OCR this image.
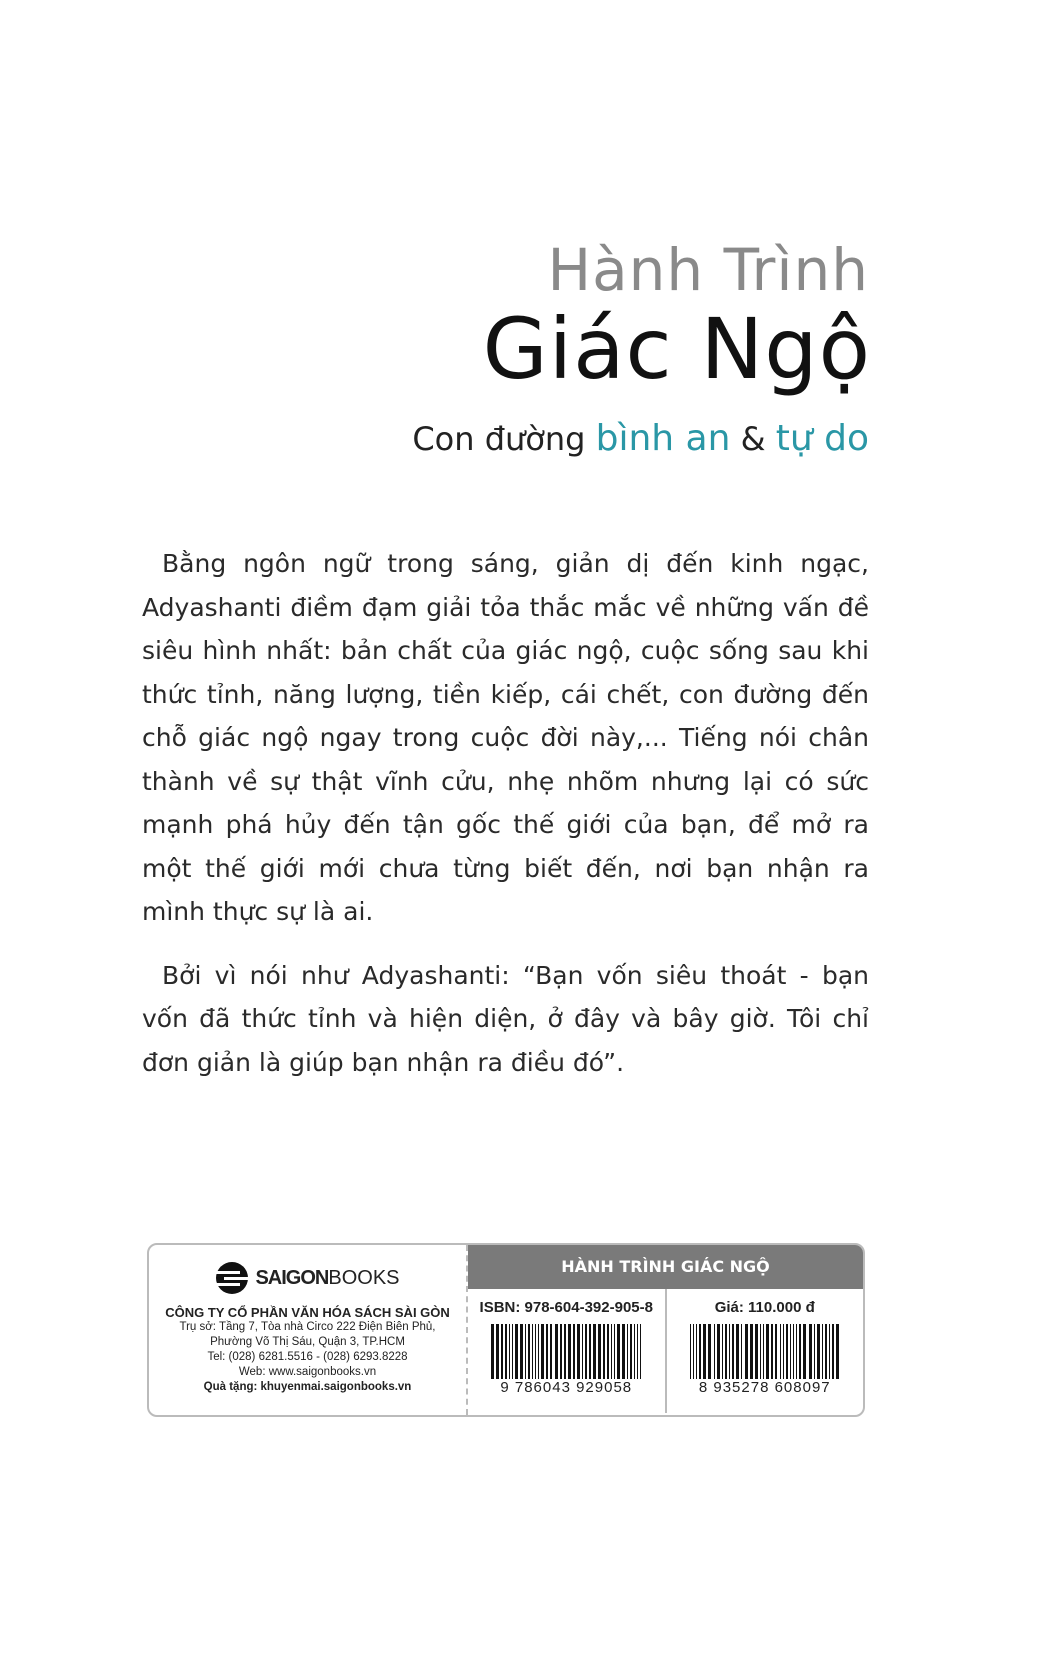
Hành Trình
Giác Ngộ
Con đường bình an & tự do

Bằng ngôn ngữ trong sáng, giản dị đến kinh ngạc, Adyashanti điềm đạm giải tỏa thắc mắc về những vấn đề siêu hình nhất: bản chất của giác ngộ, cuộc sống sau khi thức tỉnh, năng lượng, tiền kiếp, cái chết, con đường đến chỗ giác ngộ ngay trong cuộc đời này,... Tiếng nói chân thành về sự thật vĩnh cửu, nhẹ nhõm nhưng lại có sức mạnh phá hủy đến tận gốc thế giới của bạn, để mở ra một thế giới mới chưa từng biết đến, nơi bạn nhận ra mình thực sự là ai.

Bởi vì nói như Adyashanti: “Bạn vốn siêu thoát - bạn vốn đã thức tỉnh và hiện diện, ở đây và bây giờ. Tôi chỉ đơn giản là giúp bạn nhận ra điều đó”.

SAIGONBOOKS
CÔNG TY CỔ PHẦN VĂN HÓA SÁCH SÀI GÒN
Trụ sở: Tầng 7, Tòa nhà Circo 222 Điện Biên Phủ,
Phường Võ Thị Sáu, Quận 3, TP.HCM
Tel: (028) 6281.5516 - (028) 6293.8228
Web: www.saigonbooks.vn
Quà tặng: khuyenmai.saigonbooks.vn
HÀNH TRÌNH GIÁC NGỘ
ISBN: 978-604-392-905-8
9 786043 929058
Giá: 110.000 đ
8 935278 608097
